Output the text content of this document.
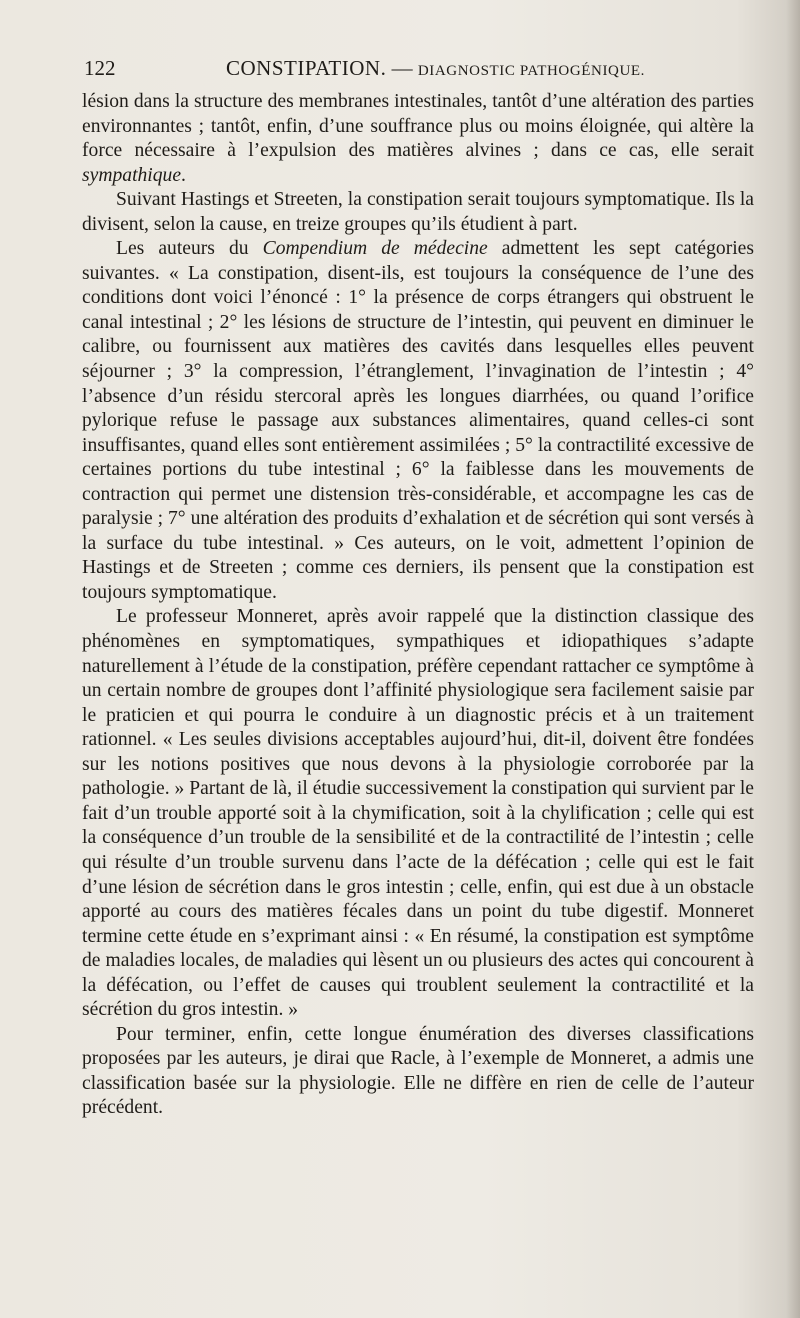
122	CONSTIPATION. — DIAGNOSTIC PATHOGÉNIQUE.

lésion dans la structure des membranes intestinales, tantôt d’une altération des parties environnantes ; tantôt, enfin, d’une souffrance plus ou moins éloignée, qui altère la force nécessaire à l’expulsion des matières alvines ; dans ce cas, elle serait sympathique.

Suivant Hastings et Streeten, la constipation serait toujours symptomatique. Ils la divisent, selon la cause, en treize groupes qu’ils étudient à part.

Les auteurs du Compendium de médecine admettent les sept catégories suivantes. « La constipation, disent-ils, est toujours la conséquence de l’une des conditions dont voici l’énoncé : 1° la présence de corps étrangers qui obstruent le canal intestinal ; 2° les lésions de structure de l’intestin, qui peuvent en diminuer le calibre, ou fournissent aux matières des cavités dans lesquelles elles peuvent séjourner ; 3° la compression, l’étranglement, l’invagination de l’intestin ; 4° l’absence d’un résidu stercoral après les longues diarrhées, ou quand l’orifice pylorique refuse le passage aux substances alimentaires, quand celles-ci sont insuffisantes, quand elles sont entièrement assimilées ; 5° la contractilité excessive de certaines portions du tube intestinal ; 6° la faiblesse dans les mouvements de contraction qui permet une distension très-considérable, et accompagne les cas de paralysie ; 7° une altération des produits d’exhalation et de sécrétion qui sont versés à la surface du tube intestinal. » Ces auteurs, on le voit, admettent l’opinion de Hastings et de Streeten ; comme ces derniers, ils pensent que la constipation est toujours symptomatique.

Le professeur Monneret, après avoir rappelé que la distinction classique des phénomènes en symptomatiques, sympathiques et idiopathiques s’adapte naturellement à l’étude de la constipation, préfère cependant rattacher ce symptôme à un certain nombre de groupes dont l’affinité physiologique sera facilement saisie par le praticien et qui pourra le conduire à un diagnostic précis et à un traitement rationnel. « Les seules divisions acceptables aujourd’hui, dit-il, doivent être fondées sur les notions positives que nous devons à la physiologie corroborée par la pathologie. » Partant de là, il étudie successivement la constipation qui survient par le fait d’un trouble apporté soit à la chymification, soit à la chylification ; celle qui est la conséquence d’un trouble de la sensibilité et de la contractilité de l’intestin ; celle qui résulte d’un trouble survenu dans l’acte de la défécation ; celle qui est le fait d’une lésion de sécrétion dans le gros intestin ; celle, enfin, qui est due à un obstacle apporté au cours des matières fécales dans un point du tube digestif. Monneret termine cette étude en s’exprimant ainsi : « En résumé, la constipation est symptôme de maladies locales, de maladies qui lèsent un ou plusieurs des actes qui concourent à la défécation, ou l’effet de causes qui troublent seulement la contractilité et la sécrétion du gros intestin. »

Pour terminer, enfin, cette longue énumération des diverses classifications proposées par les auteurs, je dirai que Racle, à l’exemple de Monneret, a admis une classification basée sur la physiologie. Elle ne diffère en rien de celle de l’auteur précédent.
